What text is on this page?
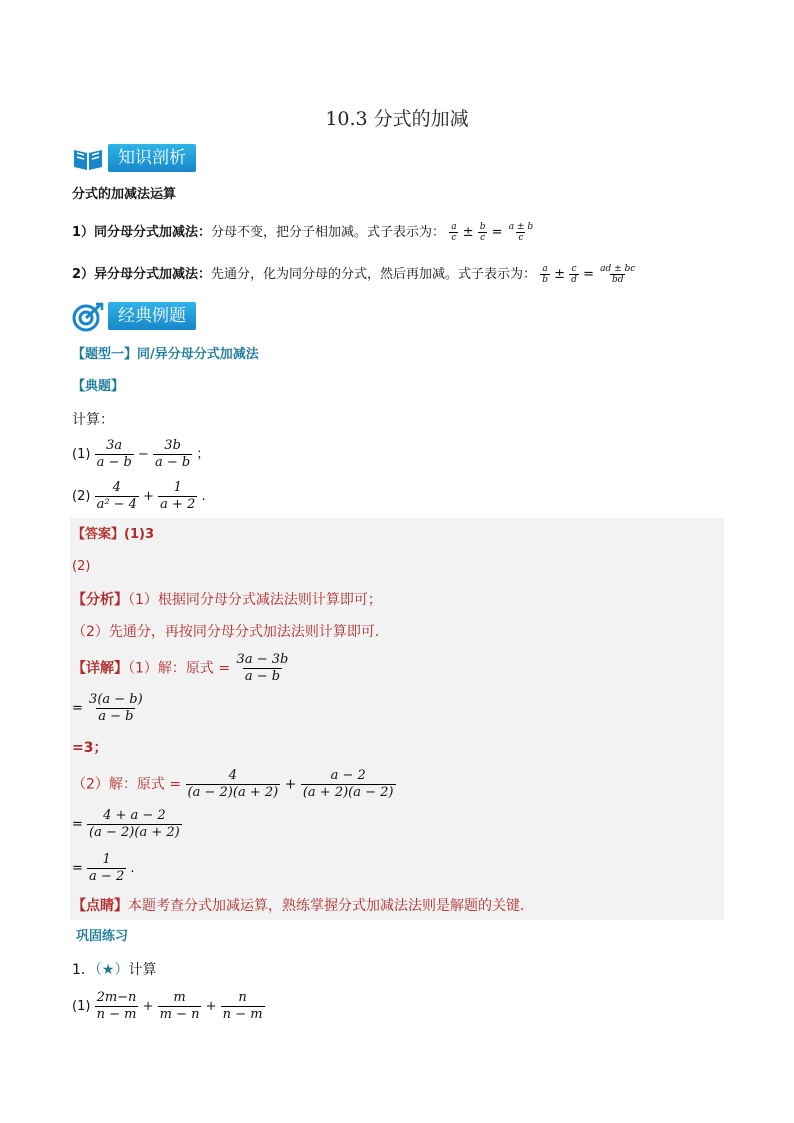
10.3 分式的加减
知识剖析
分式的加减法运算
1）同分母分式加减法：分母不变，把分子相加减。式子表示为： $\frac{a}{c} \pm \frac{b}{c} = \frac{a \pm b}{c}$
2）异分母分式加减法：先通分，化为同分母的分式，然后再加减。式子表示为： $\frac{a}{b} \pm \frac{c}{d} = \frac{ad \pm bc}{bd}$
经典例题
【题型一】同/异分母分式加减法
【典题】
计算：
$(1) \frac{3a}{a - b} - \frac{3b}{a - b}$ ；
$(2) \frac{4}{\text{a² − 4}} + \frac{1}{a + 2}$ .
【答案】(1)3
(2)
【分析】（1）根据同分母分式减法法则计算即可；
（2）先通分，再按同分母分式加法法则计算即可．
【详解】（1）解：原式 = $\frac{3a - 3b}{a - b}$
= $\frac{3(a - b)}{a - b}$
=3；
（2）解：原式 = $\frac{4}{(a - 2)(a + 2)} + \frac{a - 2}{(a + 2)(a - 2)}$
= $\frac{4 + a - 2}{(a - 2)(a + 2)}$
= $\frac{1}{a - 2}$ .
【点睛】本题考查分式加减运算，熟练掌握分式加减法法则是解题的关键．
巩固练习
1．（★）计算
$(1) \frac{2m-n}{n - m} + \frac{m}{m - n} + \frac{n}{n - m}$
